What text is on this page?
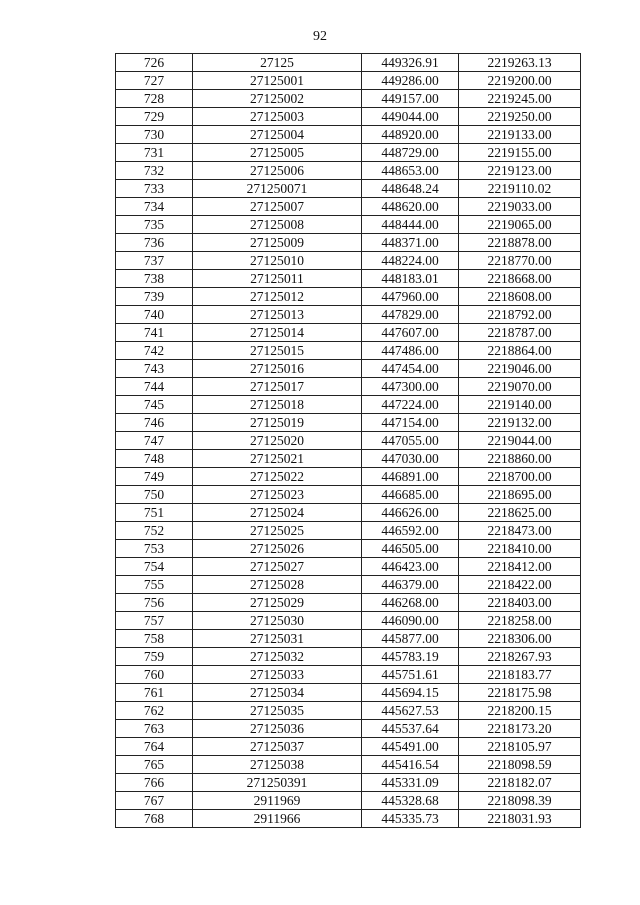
92
726	27125	449326.91	2219263.13
727	27125001	449286.00	2219200.00
728	27125002	449157.00	2219245.00
729	27125003	449044.00	2219250.00
730	27125004	448920.00	2219133.00
731	27125005	448729.00	2219155.00
732	27125006	448653.00	2219123.00
733	271250071	448648.24	2219110.02
734	27125007	448620.00	2219033.00
735	27125008	448444.00	2219065.00
736	27125009	448371.00	2218878.00
737	27125010	448224.00	2218770.00
738	27125011	448183.01	2218668.00
739	27125012	447960.00	2218608.00
740	27125013	447829.00	2218792.00
741	27125014	447607.00	2218787.00
742	27125015	447486.00	2218864.00
743	27125016	447454.00	2219046.00
744	27125017	447300.00	2219070.00
745	27125018	447224.00	2219140.00
746	27125019	447154.00	2219132.00
747	27125020	447055.00	2219044.00
748	27125021	447030.00	2218860.00
749	27125022	446891.00	2218700.00
750	27125023	446685.00	2218695.00
751	27125024	446626.00	2218625.00
752	27125025	446592.00	2218473.00
753	27125026	446505.00	2218410.00
754	27125027	446423.00	2218412.00
755	27125028	446379.00	2218422.00
756	27125029	446268.00	2218403.00
757	27125030	446090.00	2218258.00
758	27125031	445877.00	2218306.00
759	27125032	445783.19	2218267.93
760	27125033	445751.61	2218183.77
761	27125034	445694.15	2218175.98
762	27125035	445627.53	2218200.15
763	27125036	445537.64	2218173.20
764	27125037	445491.00	2218105.97
765	27125038	445416.54	2218098.59
766	271250391	445331.09	2218182.07
767	2911969	445328.68	2218098.39
768	2911966	445335.73	2218031.93
